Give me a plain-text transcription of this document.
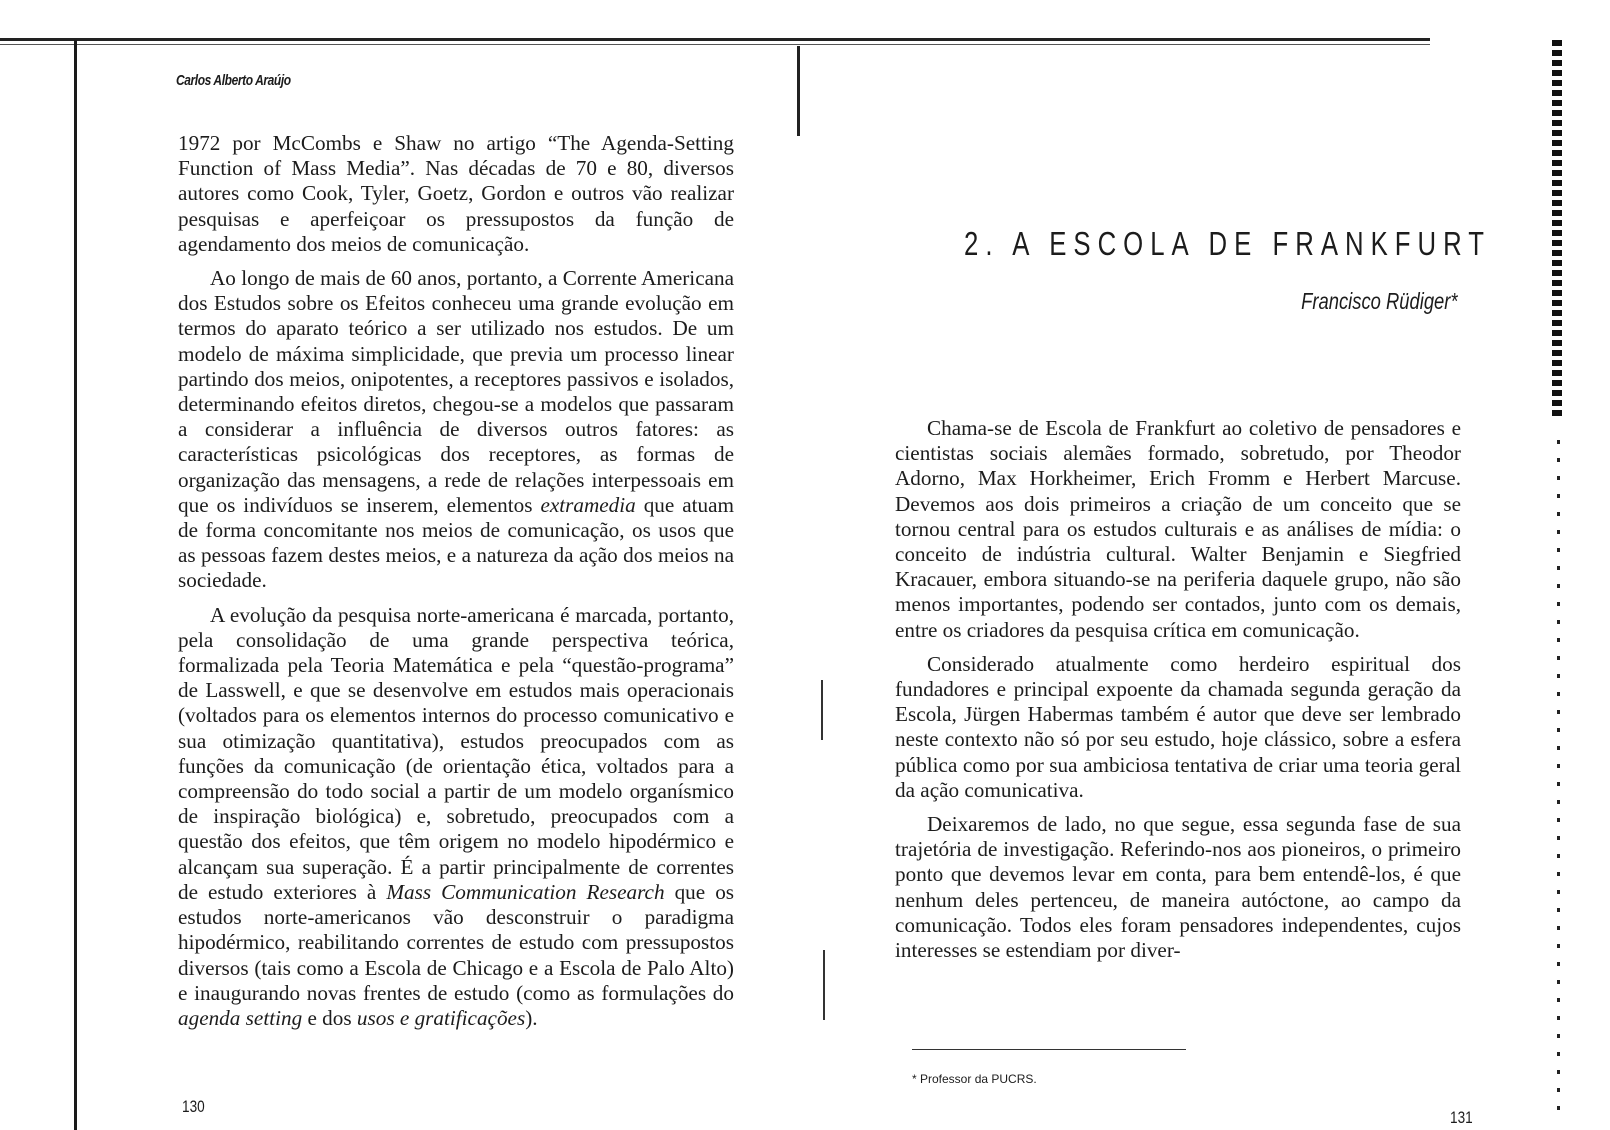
Carlos Alberto Araújo

1972 por McCombs e Shaw no artigo “The Agenda-Setting Function of Mass Media”. Nas décadas de 70 e 80, diversos autores como Cook, Tyler, Goetz, Gordon e outros vão realizar pesquisas e aperfeiçoar os pressupostos da função de agendamento dos meios de comunicação.

Ao longo de mais de 60 anos, portanto, a Corrente Americana dos Estudos sobre os Efeitos conheceu uma grande evolução em termos do aparato teórico a ser utilizado nos estudos. De um modelo de máxima simplicidade, que previa um processo linear partindo dos meios, onipotentes, a receptores passivos e isolados, determinando efeitos diretos, chegou-se a modelos que passaram a considerar a influência de diversos outros fatores: as características psicológicas dos receptores, as formas de organização das mensagens, a rede de relações interpessoais em que os indivíduos se inserem, elementos extramedia que atuam de forma concomitante nos meios de comunicação, os usos que as pessoas fazem destes meios, e a natureza da ação dos meios na sociedade.

A evolução da pesquisa norte-americana é marcada, portanto, pela consolidação de uma grande perspectiva teórica, formalizada pela Teoria Matemática e pela “questão-programa” de Lasswell, e que se desenvolve em estudos mais operacionais (voltados para os elementos internos do processo comunicativo e sua otimização quantitativa), estudos preocupados com as funções da comunicação (de orientação ética, voltados para a compreensão do todo social a partir de um modelo organísmico de inspiração biológica) e, sobretudo, preocupados com a questão dos efeitos, que têm origem no modelo hipodérmico e alcançam sua superação. É a partir principalmente de correntes de estudo exteriores à Mass Communication Research que os estudos norte-americanos vão desconstruir o paradigma hipodérmico, reabilitando correntes de estudo com pressupostos diversos (tais como a Escola de Chicago e a Escola de Palo Alto) e inaugurando novas frentes de estudo (como as formulações do agenda setting e dos usos e gratificações).

130
2. A ESCOLA DE FRANKFURT
Francisco Rüdiger*

Chama-se de Escola de Frankfurt ao coletivo de pensadores e cientistas sociais alemães formado, sobretudo, por Theodor Adorno, Max Horkheimer, Erich Fromm e Herbert Marcuse. Devemos aos dois primeiros a criação de um conceito que se tornou central para os estudos culturais e as análises de mídia: o conceito de indústria cultural. Walter Benjamin e Siegfried Kracauer, embora situando-se na periferia daquele grupo, não são menos importantes, podendo ser contados, junto com os demais, entre os criadores da pesquisa crítica em comunicação.

Considerado atualmente como herdeiro espiritual dos fundadores e principal expoente da chamada segunda geração da Escola, Jürgen Habermas também é autor que deve ser lembrado neste contexto não só por seu estudo, hoje clássico, sobre a esfera pública como por sua ambiciosa tentativa de criar uma teoria geral da ação comunicativa.

Deixaremos de lado, no que segue, essa segunda fase de sua trajetória de investigação. Referindo-nos aos pioneiros, o primeiro ponto que devemos levar em conta, para bem entendê-los, é que nenhum deles pertenceu, de maneira autóctone, ao campo da comunicação. Todos eles foram pensadores independentes, cujos interesses se estendiam por diver-

* Professor da PUCRS.
131
